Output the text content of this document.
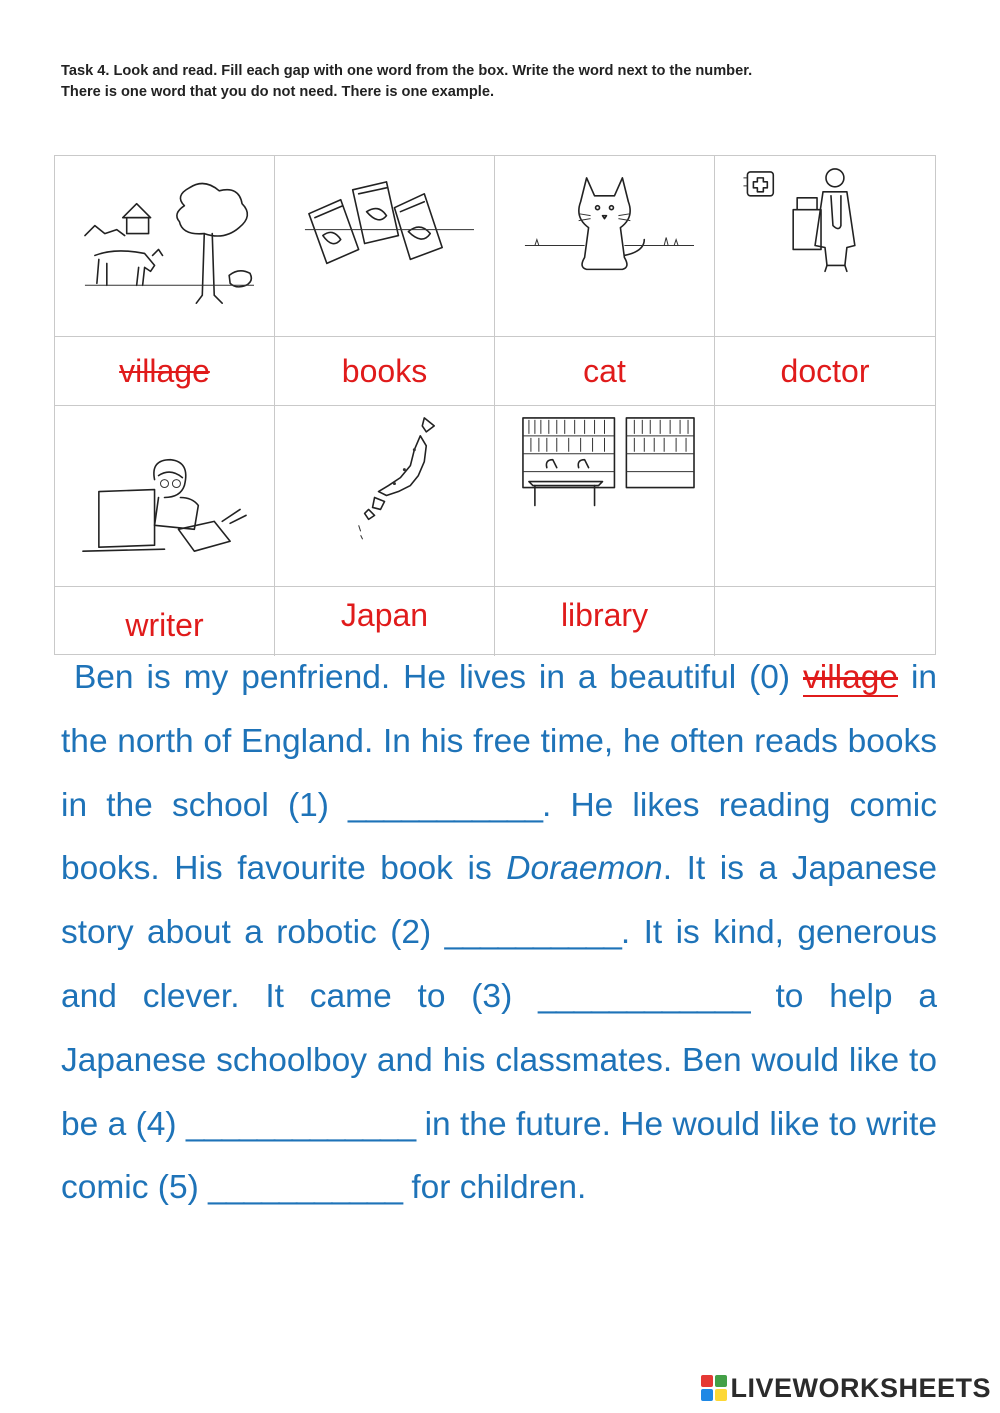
Task 4. Look and read. Fill each gap with one word from the box. Write the word next to the number.
There is one word that you do not need. There is one example.
village	books	cat	doctor
writer	Japan	library
Ben is my penfriend. He lives in a beautiful (0) village in the north of England. In his free time, he often reads books in the school (1) ___________. He likes reading comic books. His favourite book is Doraemon. It is a Japanese story about a robotic (2) __________. It is kind, generous and clever. It came to (3) ____________ to help a Japanese schoolboy and his classmates. Ben would like to be a (4) _____________ in the future. He would like to write comic (5) ___________ for children.
LIVEWORKSHEETS
